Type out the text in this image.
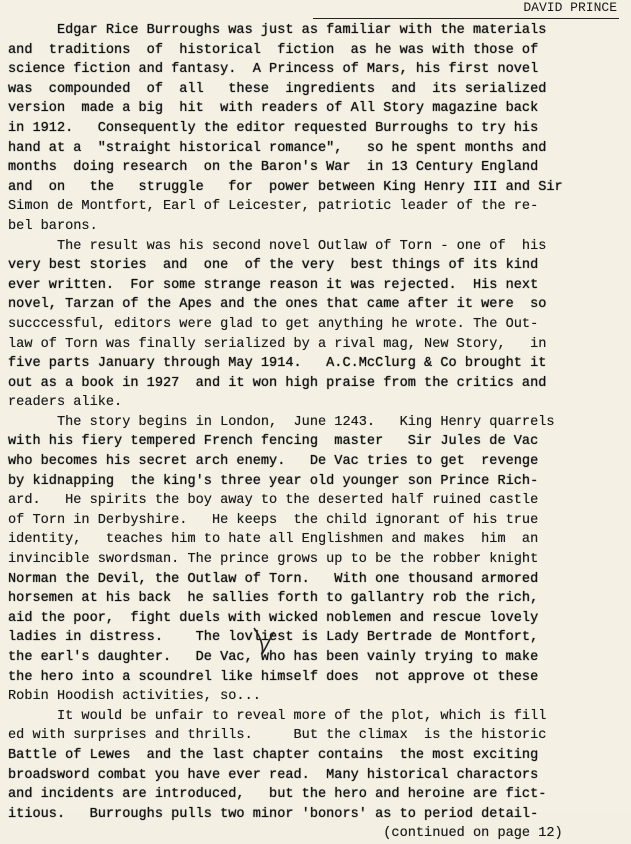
DAVID PRINCE
Edgar Rice Burroughs was just as familiar with the materials
and  traditions  of  historical  fiction  as he was with those of
science fiction and fantasy.  A Princess of Mars, his first novel
was  compounded  of  all   these  ingredients  and  its serialized
version  made a big  hit  with readers of All Story magazine back
in 1912.   Consequently the editor requested Burroughs to try his
hand at a  "straight historical romance",   so he spent months and
months  doing research  on the Baron's War  in 13 Century England
and  on   the   struggle   for  power between King Henry III and Sir
Simon de Montfort, Earl of Leicester, patriotic leader of the re-
bel barons.
The result was his second novel Outlaw of Torn - one of  his
very best stories  and  one  of the very  best things of its kind
ever written.  For some strange reason it was rejected.  His next
novel, Tarzan of the Apes and the ones that came after it were  so
succcessful, editors were glad to get anything he wrote. The Out-
law of Torn was finally serialized by a rival mag, New Story,   in
five parts January through May 1914.   A.C.McClurg & Co brought it
out as a book in 1927  and it won high praise from the critics and
readers alike.
The story begins in London,  June 1243.   King Henry quarrels
with his fiery tempered French fencing  master   Sir Jules de Vac
who becomes his secret arch enemy.   De Vac tries to get  revenge
by kidnapping  the king's three year old younger son Prince Rich-
ard.   He spirits the boy away to the deserted half ruined castle
of Torn in Derbyshire.   He keeps  the child ignorant of his true
identity,   teaches him to hate all Englishmen and makes  him  an
invincible swordsman. The prince grows up to be the robber knight
Norman the Devil, the Outlaw of Torn.   With one thousand armored
horsemen at his back  he sallies forth to gallantry rob the rich,
aid the poor,  fight duels with wicked noblemen and rescue lovely
ladies in distress.    The lovliest is Lady Bertrade de Montfort,
the earl's daughter.   De Vac, who has been vainly trying to make
the hero into a scoundrel like himself does  not approve ot these
Robin Hoodish activities, so...
It would be unfair to reveal more of the plot, which is fill
ed with surprises and thrills.     But the climax  is the historic
Battle of Lewes  and the last chapter contains  the most exciting
broadsword combat you have ever read.  Many historical charactors
and incidents are introduced,   but the hero and heroine are fict-
itious.   Burroughs pulls two minor 'bonors' as to period detail-
(continued on page 12)
